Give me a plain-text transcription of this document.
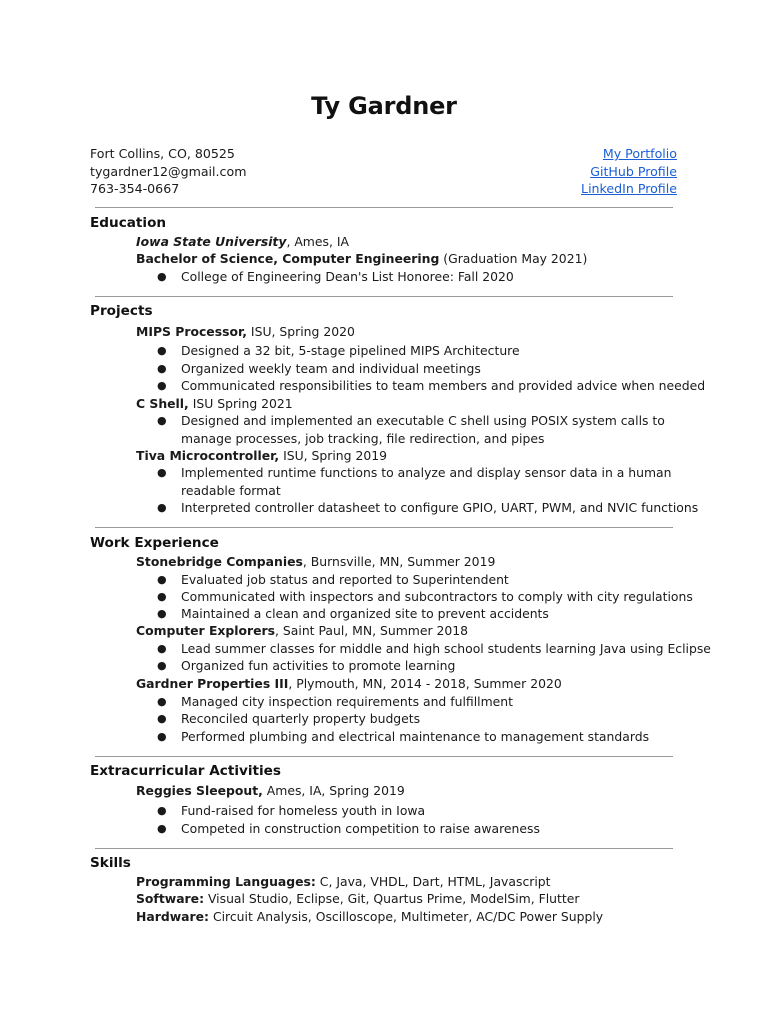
Ty Gardner
Fort Collins, CO, 80525
tygardner12@gmail.com
763-354-0667
My Portfolio
GitHub Profile
LinkedIn Profile
Education
Iowa State University, Ames, IA
Bachelor of Science, Computer Engineering (Graduation May 2021)
● College of Engineering Dean's List Honoree: Fall 2020
Projects
MIPS Processor, ISU, Spring 2020
● Designed a 32 bit, 5-stage pipelined MIPS Architecture
● Organized weekly team and individual meetings
● Communicated responsibilities to team members and provided advice when needed
C Shell, ISU Spring 2021
● Designed and implemented an executable C shell using POSIX system calls to
manage processes, job tracking, file redirection, and pipes
Tiva Microcontroller, ISU, Spring 2019
● Implemented runtime functions to analyze and display sensor data in a human
readable format
● Interpreted controller datasheet to configure GPIO, UART, PWM, and NVIC functions
Work Experience
Stonebridge Companies, Burnsville, MN, Summer 2019
● Evaluated job status and reported to Superintendent
● Communicated with inspectors and subcontractors to comply with city regulations
● Maintained a clean and organized site to prevent accidents
Computer Explorers, Saint Paul, MN, Summer 2018
● Lead summer classes for middle and high school students learning Java using Eclipse
● Organized fun activities to promote learning
Gardner Properties III, Plymouth, MN, 2014 - 2018, Summer 2020
● Managed city inspection requirements and fulfillment
● Reconciled quarterly property budgets
● Performed plumbing and electrical maintenance to management standards
Extracurricular Activities
Reggies Sleepout, Ames, IA, Spring 2019
● Fund-raised for homeless youth in Iowa
● Competed in construction competition to raise awareness
Skills
Programming Languages: C, Java, VHDL, Dart, HTML, Javascript
Software: Visual Studio, Eclipse, Git, Quartus Prime, ModelSim, Flutter
Hardware: Circuit Analysis, Oscilloscope, Multimeter, AC/DC Power Supply
